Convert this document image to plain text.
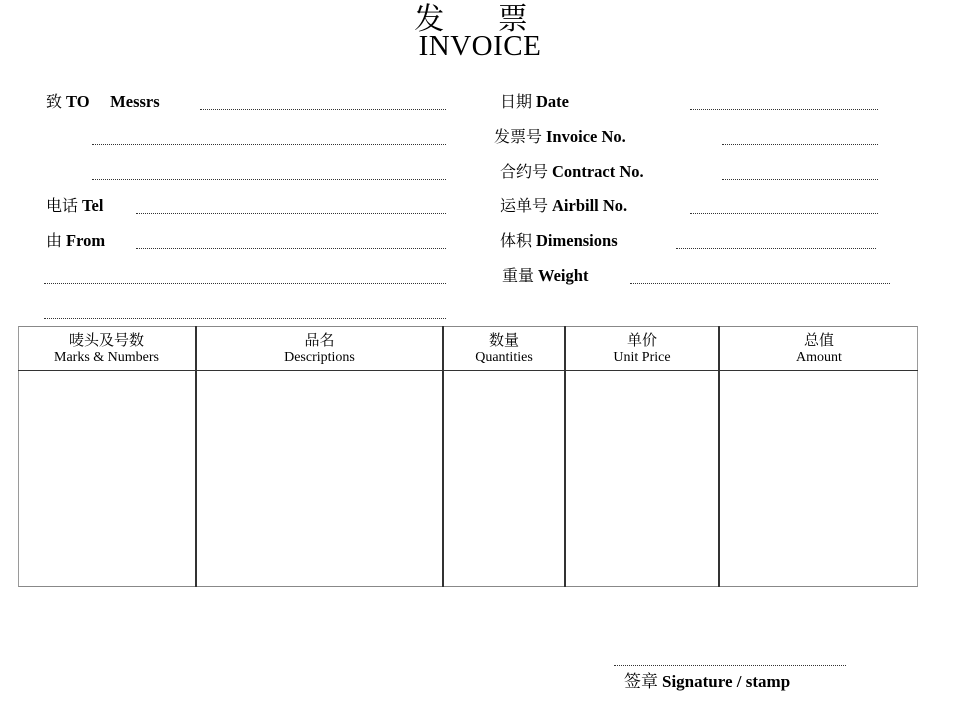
发 票
INVOICE
致 TO     Messrs
电话 Tel
由 From
日期 Date
发票号 Invoice No.
合约号 Contract No.
运单号 Airbill No.
体积 Dimensions
重量 Weight
唛头及号数
Marks & Numbers
品名
Descriptions
数量
Quantities
单价
Unit Price
总值
Amount
签章 Signature / stamp
